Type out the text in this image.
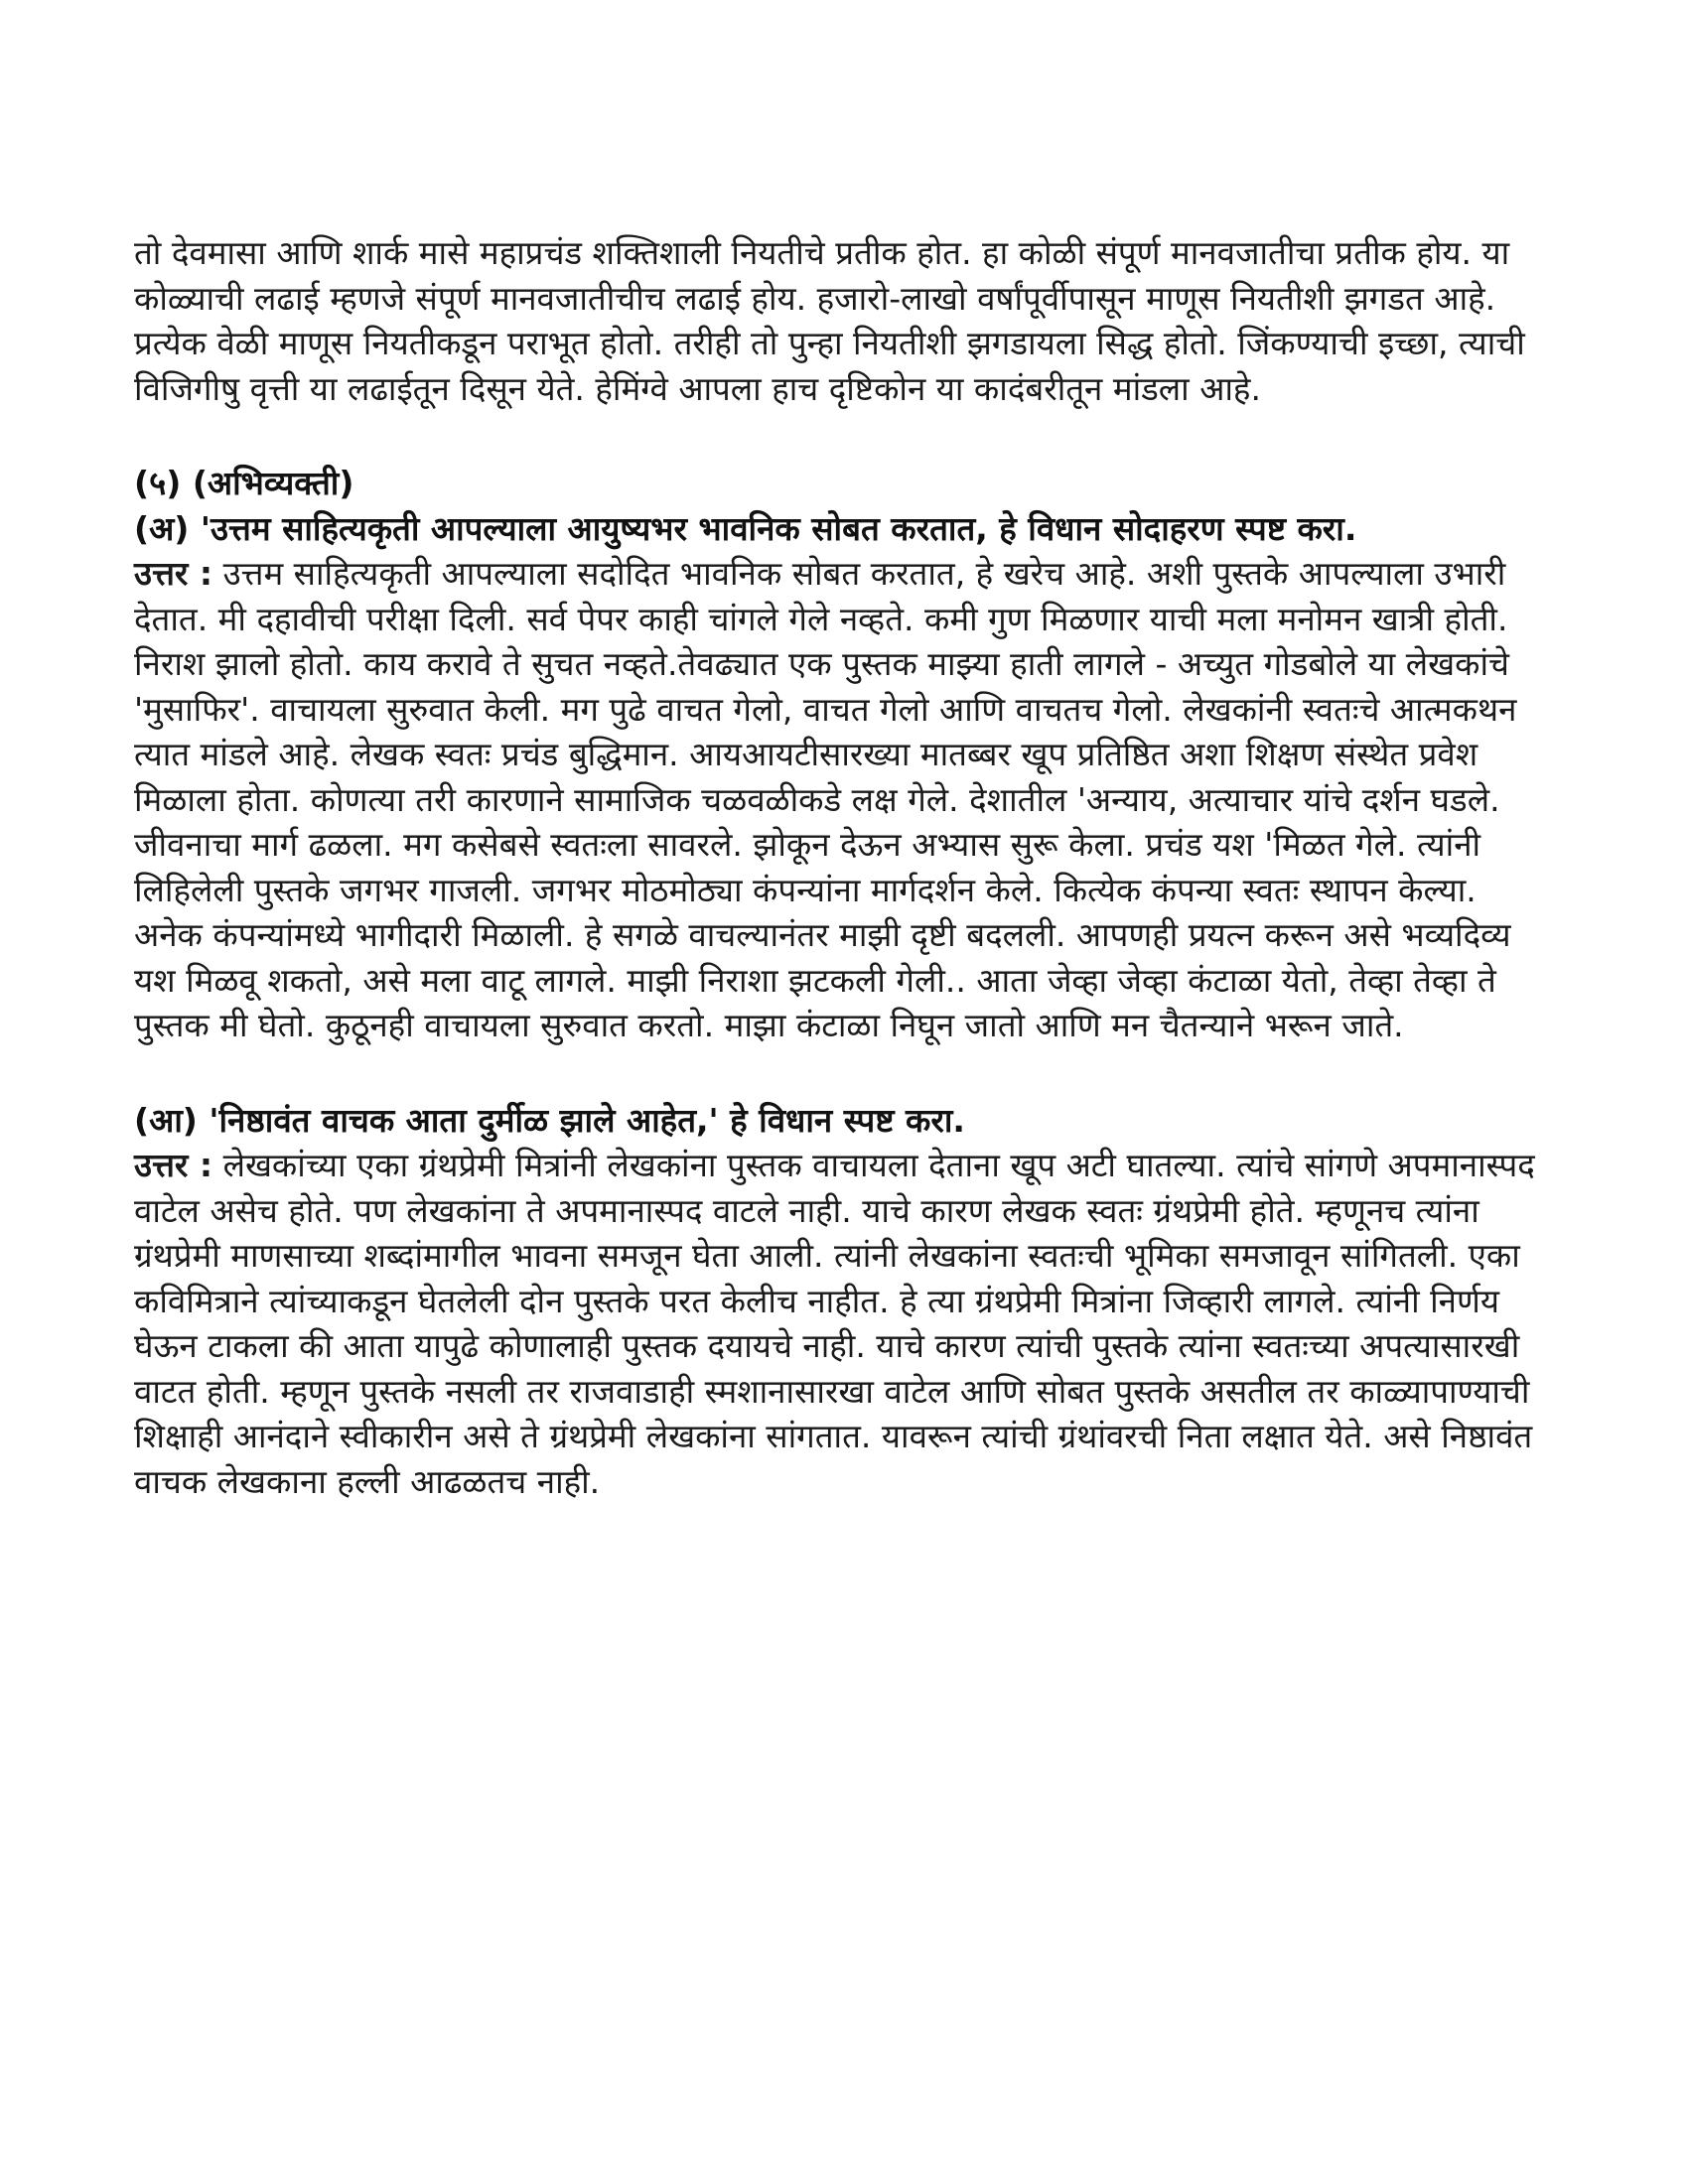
तो देवमासा आणि शार्क मासे महाप्रचंड शक्तिशाली नियतीचे प्रतीक होत. हा कोळी संपूर्ण मानवजातीचा प्रतीक होय. या कोळ्याची लढाई म्हणजे संपूर्ण मानवजातीचीच लढाई होय. हजारो-लाखो वर्षांपूर्वीपासून माणूस नियतीशी झगडत आहे. प्रत्येक वेळी माणूस नियतीकडून पराभूत होतो. तरीही तो पुन्हा नियतीशी झगडायला सिद्ध होतो. जिंकण्याची इच्छा, त्याची विजिगीषु वृत्ती या लढाईतून दिसून येते. हेमिंग्वे आपला हाच दृष्टिकोन या कादंबरीतून मांडला आहे.

(५) (अभिव्यक्ती)

(अ) 'उत्तम साहित्यकृती आपल्याला आयुष्यभर भावनिक सोबत करतात, हे विधान सोदाहरण स्पष्ट करा.

उत्तर : उत्तम साहित्यकृती आपल्याला सदोदित भावनिक सोबत करतात, हे खरेच आहे. अशी पुस्तके आपल्याला उभारी देतात. मी दहावीची परीक्षा दिली. सर्व पेपर काही चांगले गेले नव्हते. कमी गुण मिळणार याची मला मनोमन खात्री होती. निराश झालो होतो. काय करावे ते सुचत नव्हते.तेवढ्यात एक पुस्तक माझ्या हाती लागले - अच्युत गोडबोले या लेखकांचे 'मुसाफिर'. वाचायला सुरुवात केली. मग पुढे वाचत गेलो, वाचत गेलो आणि वाचतच गेलो. लेखकांनी स्वतःचे आत्मकथन त्यात मांडले आहे. लेखक स्वतः प्रचंड बुद्धिमान. आयआयटीसारख्या मातब्बर खूप प्रतिष्ठित अशा शिक्षण संस्थेत प्रवेश मिळाला होता. कोणत्या तरी कारणाने सामाजिक चळवळीकडे लक्ष गेले. देशातील 'अन्याय, अत्याचार यांचे दर्शन घडले. जीवनाचा मार्ग ढळला. मग कसेबसे स्वतःला सावरले. झोकून देऊन अभ्यास सुरू केला. प्रचंड यश 'मिळत गेले. त्यांनी लिहिलेली पुस्तके जगभर गाजली. जगभर मोठमोठ्या कंपन्यांना मार्गदर्शन केले. कित्येक कंपन्या स्वतः स्थापन केल्या. अनेक कंपन्यांमध्ये भागीदारी मिळाली. हे सगळे वाचल्यानंतर माझी दृष्टी बदलली. आपणही प्रयत्न करून असे भव्यदिव्य यश मिळवू शकतो, असे मला वाटू लागले. माझी निराशा झटकली गेली.. आता जेव्हा जेव्हा कंटाळा येतो, तेव्हा तेव्हा ते पुस्तक मी घेतो. कुठूनही वाचायला सुरुवात करतो. माझा कंटाळा निघून जातो आणि मन चैतन्याने भरून जाते.

(आ) 'निष्ठावंत वाचक आता दुर्मीळ झाले आहेत,' हे विधान स्पष्ट करा.

उत्तर : लेखकांच्या एका ग्रंथप्रेमी मित्रांनी लेखकांना पुस्तक वाचायला देताना खूप अटी घातल्या. त्यांचे सांगणे अपमानास्पद वाटेल असेच होते. पण लेखकांना ते अपमानास्पद वाटले नाही. याचे कारण लेखक स्वतः ग्रंथप्रेमी होते. म्हणूनच त्यांना ग्रंथप्रेमी माणसाच्या शब्दांमागील भावना समजून घेता आली. त्यांनी लेखकांना स्वतःची भूमिका समजावून सांगितली. एका कविमित्राने त्यांच्याकडून घेतलेली दोन पुस्तके परत केलीच नाहीत. हे त्या ग्रंथप्रेमी मित्रांना जिव्हारी लागले. त्यांनी निर्णय घेऊन टाकला की आता यापुढे कोणालाही पुस्तक दयायचे नाही. याचे कारण त्यांची पुस्तके त्यांना स्वतःच्या अपत्यासारखी वाटत होती. म्हणून पुस्तके नसली तर राजवाडाही स्मशानासारखा वाटेल आणि सोबत पुस्तके असतील तर काळ्यापाण्याची शिक्षाही आनंदाने स्वीकारीन असे ते ग्रंथप्रेमी लेखकांना सांगतात. यावरून त्यांची ग्रंथांवरची निता लक्षात येते. असे निष्ठावंत वाचक लेखकाना हल्ली आढळतच नाही.
